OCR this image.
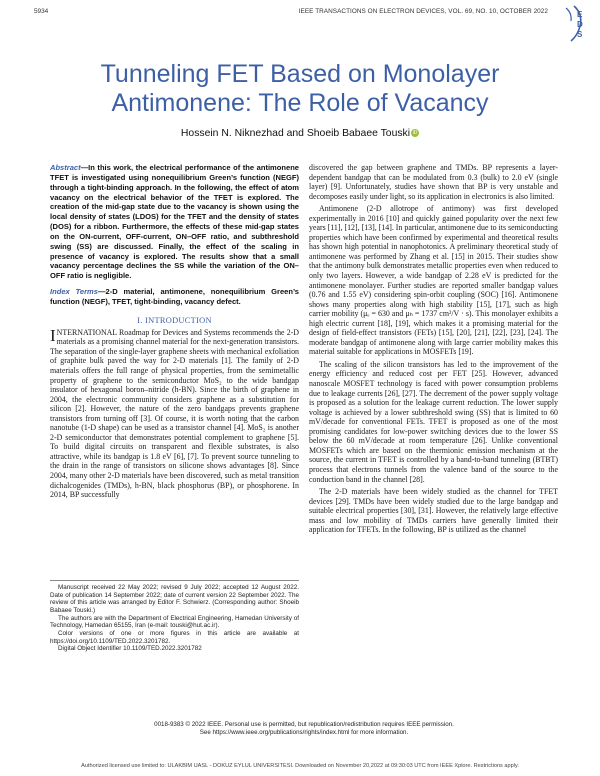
5934	IEEE TRANSACTIONS ON ELECTRON DEVICES, VOL. 69, NO. 10, OCTOBER 2022	E
D
S
Tunneling FET Based on Monolayer
Antimonene: The Role of Vacancy
Hossein N. Niknezhad and Shoeib Babaee Touski iD
Abstract—In this work, the electrical performance of the antimonene TFET is investigated using nonequilibrium Green’s function (NEGF) through a tight-binding approach. In the following, the effect of atom vacancy on the electrical behavior of the TFET is explored. The creation of the mid-gap state due to the vacancy is shown using the local density of states (LDOS) for the TFET and the density of states (DOS) for a ribbon. Furthermore, the effects of these mid-gap states on the ON-current, OFF-current, ON–OFF ratio, and subthreshold swing (SS) are discussed. Finally, the effect of the scaling in presence of vacancy is explored. The results show that a small vacancy percentage declines the SS while the variation of the ON–OFF ratio is negligible.
Index Terms—2-D material, antimonene, nonequilibrium Green’s function (NEGF), TFET, tight-binding, vacancy defect.
I. INTRODUCTION

INTERNATIONAL Roadmap for Devices and Systems recommends the 2-D materials as a promising channel material for the next-generation transistors. The separation of the single-layer graphene sheets with mechanical exfoliation of graphite bulk paved the way for 2-D materials [1]. The family of 2-D materials offers the full range of physical properties, from the semimetallic property of graphene to the semiconductor MoS₂ to the wide bandgap insulator of hexagonal boron–nitride (h-BN). Since the birth of graphene in 2004, the electronic community considers graphene as a substitution for silicon [2]. However, the nature of the zero bandgaps prevents graphene transistors from turning off [3]. Of course, it is worth noting that the carbon nanotube (1-D shape) can be used as a transistor channel [4]. MoS₂ is another 2-D semiconductor that demonstrates potential complement to graphene [5]. To build digital circuits on transparent and flexible substrates, is also attractive, while its bandgap is 1.8 eV [6], [7]. To prevent source tunneling to the drain in the range of transistors on silicone shows advantages [8]. Since 2004, many other 2-D materials have been discovered, such as metal transition dichalcogenides (TMDs), h-BN, black phosphorus (BP), or phosphorene. In 2014, BP successfully

discovered the gap between graphene and TMDs. BP represents a layer-dependent bandgap that can be modulated from 0.3 (bulk) to 2.0 eV (single layer) [9]. Unfortunately, studies have shown that BP is very unstable and decomposes easily under light, so its application in electronics is also limited.

Antimonene (2-D allotrope of antimony) was first developed experimentally in 2016 [10] and quickly gained popularity over the next few years [11], [12], [13], [14]. In particular, antimonene due to its semiconducting properties which have been confirmed by experimental and theoretical results has shown high potential in nanophotonics. A preliminary theoretical study of antimonene was performed by Zhang et al. [15] in 2015. Their studies show that the antimony bulk demonstrates metallic properties even when reduced to only two layers. However, a wide bandgap of 2.28 eV is predicted for the antimonene monolayer. Further studies are reported smaller bandgap values (0.76 and 1.55 eV) considering spin-orbit coupling (SOC) [16]. Antimonene shows many properties along with high stability [15], [17], such as high carrier mobility (μₑ = 630 and μₕ = 1737 cm²/V · s). This monolayer exhibits a high electric current [18], [19], which makes it a promising material for the design of field-effect transistors (FETs) [15], [20], [21], [22], [23], [24]. The moderate bandgap of antimonene along with large carrier mobility makes this material suitable for applications in MOSFETs [19].

The scaling of the silicon transistors has led to the improvement of the energy efficiency and reduced cost per FET [25]. However, advanced nanoscale MOSFET technology is faced with power consumption problems due to leakage currents [26], [27]. The decrement of the power supply voltage is proposed as a solution for the leakage current reduction. The lower supply voltage is achieved by a lower subthreshold swing (SS) that is limited to 60 mV/decade for conventional FETs. TFET is proposed as one of the most promising candidates for low-power switching devices due to the lower SS below the 60 mV/decade at room temperature [26]. Unlike conventional MOSFETs which are based on the thermionic emission mechanism at the source, the current in TFET is controlled by a band-to-band tunneling (BTBT) process that electrons tunnels from the valence band of the source to the conduction band in the channel [28].

The 2-D materials have been widely studied as the channel for TFET devices [29]. TMDs have been widely studied due to the large bandgap and suitable electrical properties [30], [31]. However, the relatively large effective mass and low mobility of TMDs carriers have generally limited their application for TFETs. In the following, BP is utilized as the channel

Manuscript received 22 May 2022; revised 9 July 2022; accepted 12 August 2022. Date of publication 14 September 2022; date of current version 22 September 2022. The review of this article was arranged by Editor F. Schwierz. (Corresponding author: Shoeib Babaee Touski.)

The authors are with the Department of Electrical Engineering, Hamedan University of Technology, Hamedan 65155, Iran (e-mail: touski@hut.ac.ir).

Color versions of one or more figures in this article are available at https://doi.org/10.1109/TED.2022.3201782.

Digital Object Identifier 10.1109/TED.2022.3201782

0018-9383 © 2022 IEEE. Personal use is permitted, but republication/redistribution requires IEEE permission.
See https://www.ieee.org/publications/rights/index.html for more information.
Authorized licensed use limited to: ULAKBIM UASL - DOKUZ EYLUL UNIVERSITESI. Downloaded on November 20,2022 at 09:30:03 UTC from IEEE Xplore. Restrictions apply.
